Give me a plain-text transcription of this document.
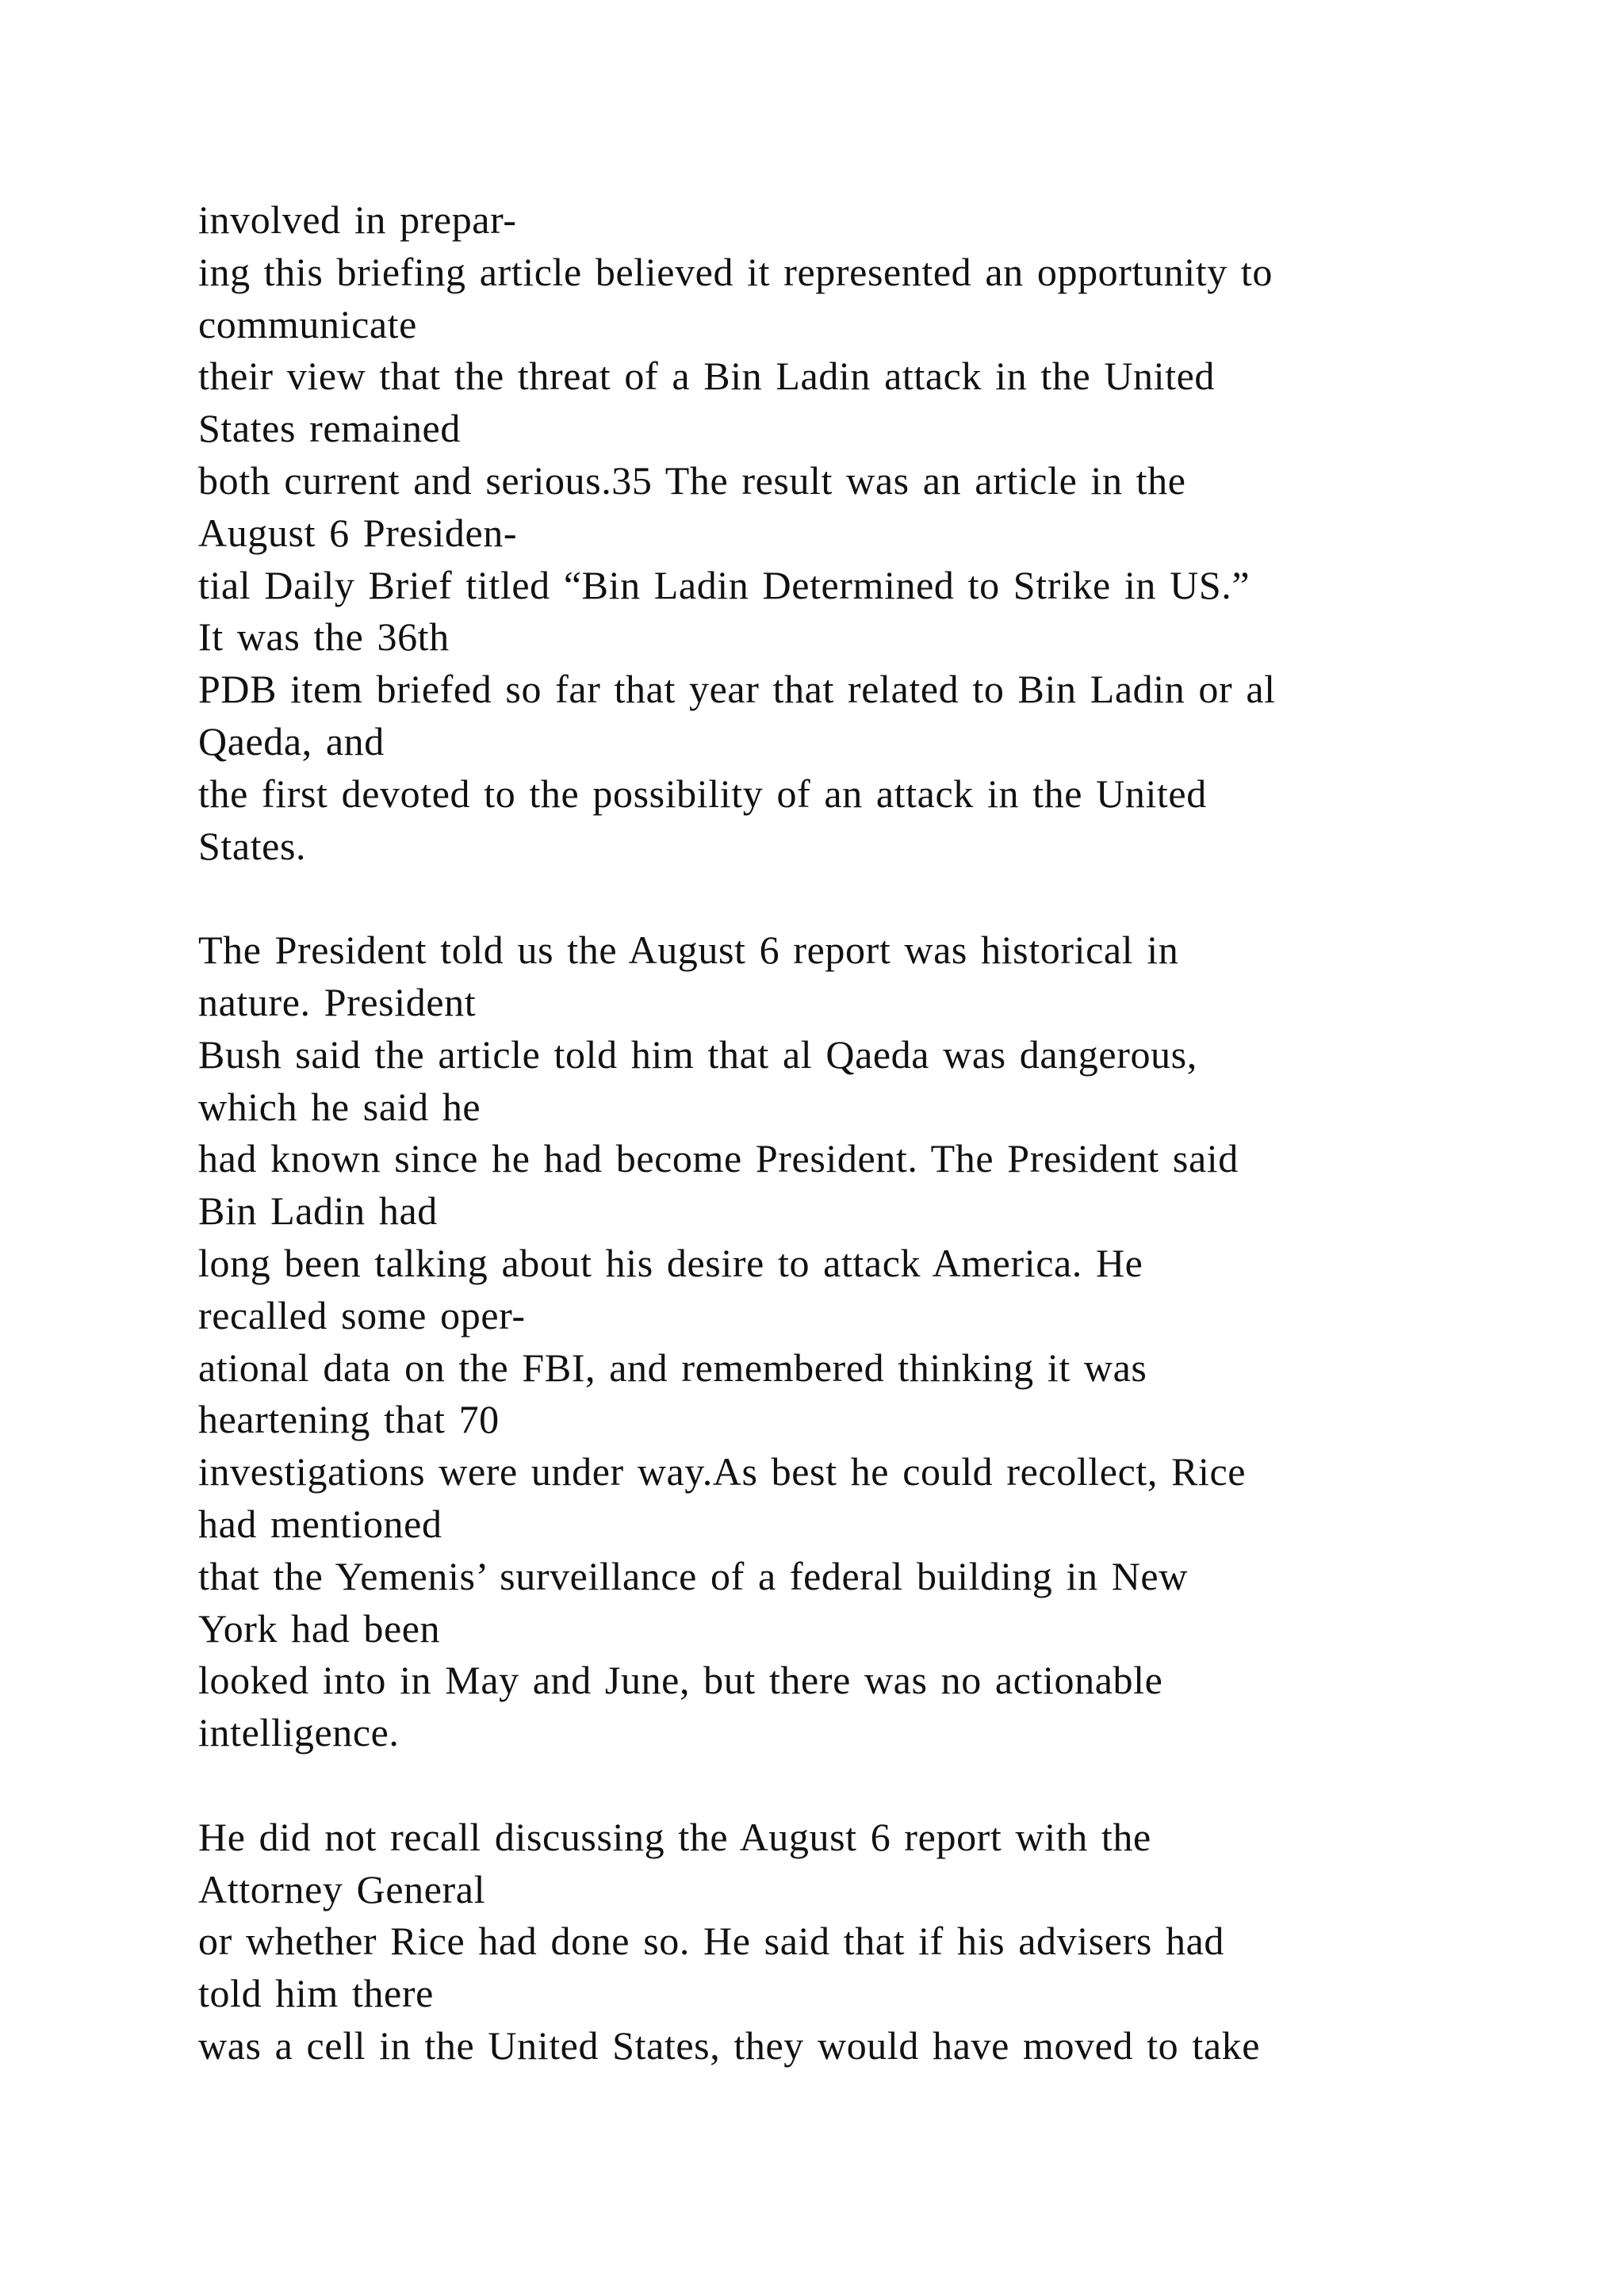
involved in prepar-
ing this briefing article believed it represented an opportunity to
communicate
their view that the threat of a Bin Ladin attack in the United
States remained
both current and serious.35 The result was an article in the
August 6 Presiden-
tial Daily Brief titled “Bin Ladin Determined to Strike in US.”
It was the 36th
PDB item briefed so far that year that related to Bin Ladin or al
Qaeda, and
the first devoted to the possibility of an attack in the United
States.
The President told us the August 6 report was historical in
nature. President
Bush said the article told him that al Qaeda was dangerous,
which he said he
had known since he had become President. The President said
Bin Ladin had
long been talking about his desire to attack America. He
recalled some oper-
ational data on the FBI, and remembered thinking it was
heartening that 70
investigations were under way.As best he could recollect, Rice
had mentioned
that the Yemenis’ surveillance of a federal building in New
York had been
looked into in May and June, but there was no actionable
intelligence.
He did not recall discussing the August 6 report with the
Attorney General
or whether Rice had done so. He said that if his advisers had
told him there
was a cell in the United States, they would have moved to take
